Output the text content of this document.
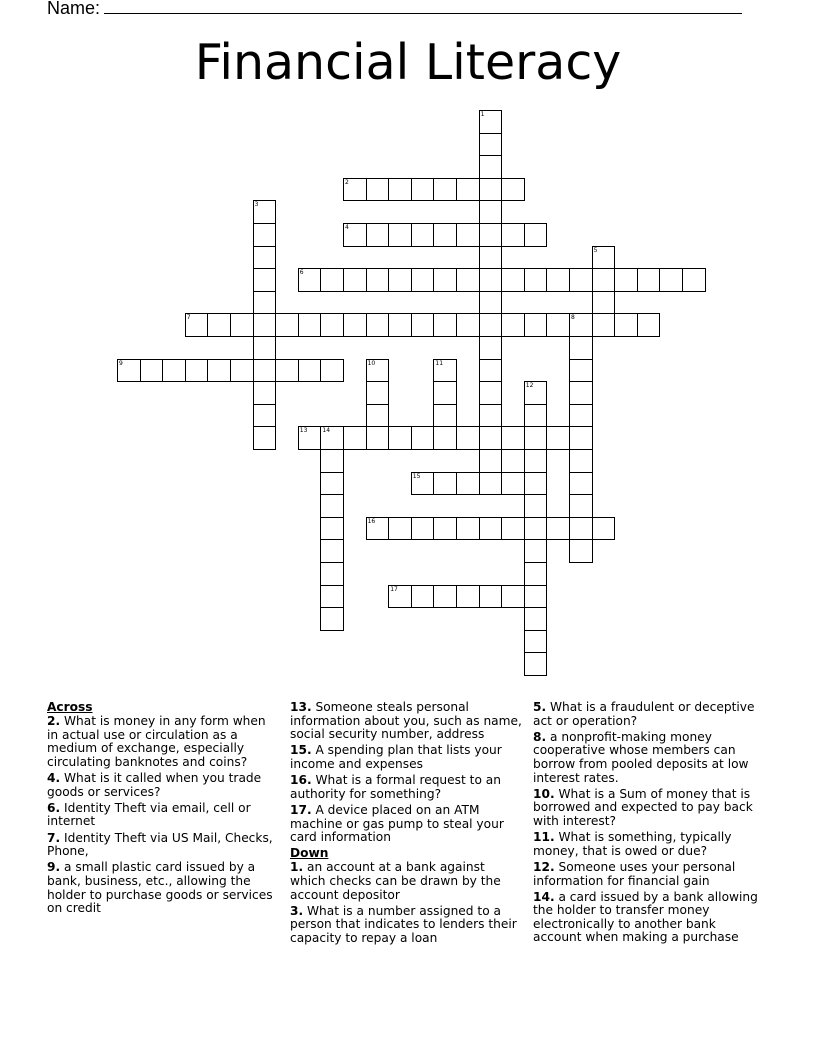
Name:
Financial Literacy
1
2
3
4
5
6
7	8
9	10	11
12
13 14
15
16
17
Across
2. What is money in any form when in actual use or circulation as a medium of exchange, especially circulating banknotes and coins?
4. What is it called when you trade goods or services?
6. Identity Theft via email, cell or internet
7. Identity Theft via US Mail, Checks, Phone,
9. a small plastic card issued by a bank, business, etc., allowing the holder to purchase goods or services on credit
13. Someone steals personal information about you, such as name, social security number, address
15. A spending plan that lists your income and expenses
16. What is a formal request to an authority for something?
17. A device placed on an ATM machine or gas pump to steal your card information
Down
1. an account at a bank against which checks can be drawn by the account depositor
3. What is a number assigned to a person that indicates to lenders their capacity to repay a loan
5. What is a fraudulent or deceptive act or operation?
8. a nonprofit-making money cooperative whose members can borrow from pooled deposits at low interest rates.
10. What is a Sum of money that is borrowed and expected to pay back with interest?
11. What is something, typically money, that is owed or due?
12. Someone uses your personal information for financial gain
14. a card issued by a bank allowing the holder to transfer money electronically to another bank account when making a purchase
